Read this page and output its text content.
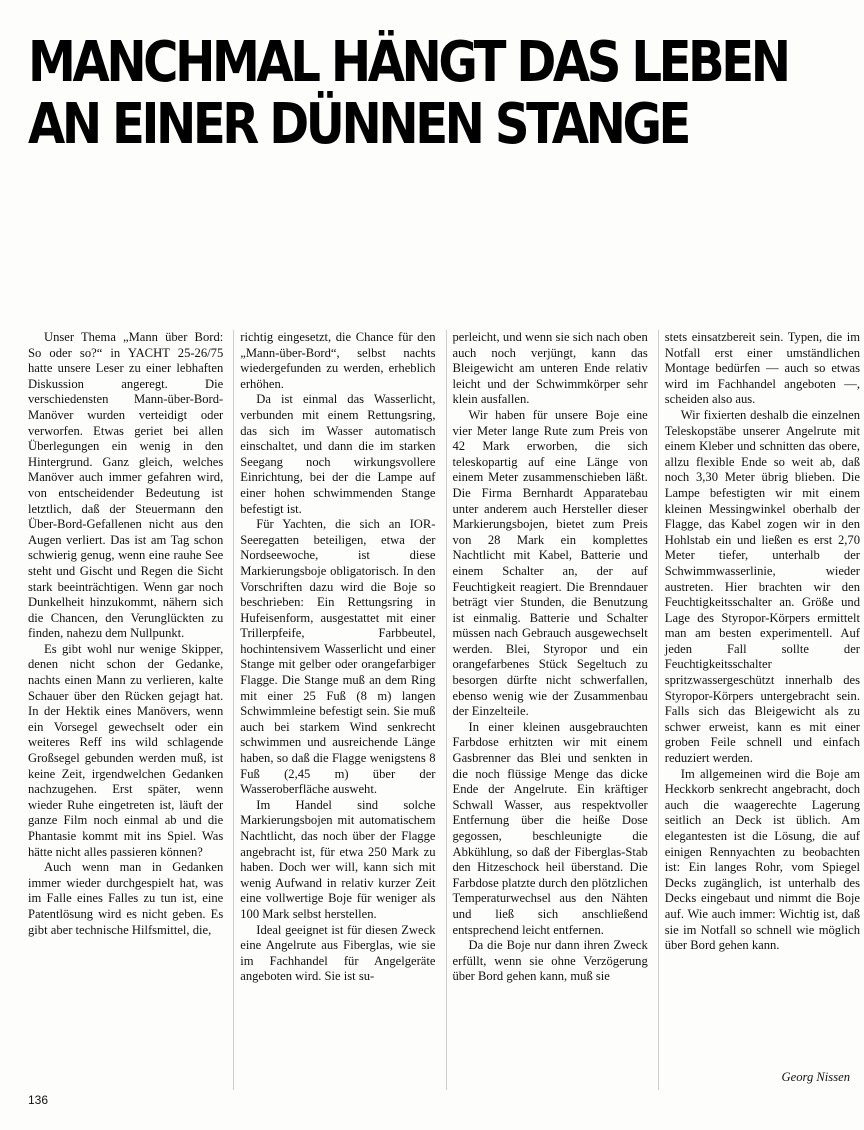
MANCHMAL HÄNGT DAS LEBEN
AN EINER DÜNNEN STANGE

Unser Thema „Mann über Bord: So oder so?“ in YACHT 25-26/75 hatte unsere Leser zu einer lebhaften Diskussion angeregt. Die verschiedensten Mann-über-Bord-Manöver wurden verteidigt oder verworfen. Etwas geriet bei allen Überlegungen ein wenig in den Hintergrund. Ganz gleich, welches Manöver auch immer gefahren wird, von entscheidender Bedeutung ist letztlich, daß der Steuermann den Über-Bord-Gefallenen nicht aus den Augen verliert. Das ist am Tag schon schwierig genug, wenn eine rauhe See steht und Gischt und Regen die Sicht stark beeinträchtigen. Wenn gar noch Dunkelheit hinzukommt, nähern sich die Chancen, den Verunglückten zu finden, nahezu dem Nullpunkt.

Es gibt wohl nur wenige Skipper, denen nicht schon der Gedanke, nachts einen Mann zu verlieren, kalte Schauer über den Rücken gejagt hat. In der Hektik eines Manövers, wenn ein Vorsegel gewechselt oder ein weiteres Reff ins wild schlagende Großsegel gebunden werden muß, ist keine Zeit, irgendwelchen Gedanken nachzugehen. Erst später, wenn wieder Ruhe eingetreten ist, läuft der ganze Film noch einmal ab und die Phantasie kommt mit ins Spiel. Was hätte nicht alles passieren können?

Auch wenn man in Gedanken immer wieder durchgespielt hat, was im Falle eines Falles zu tun ist, eine Patentlösung wird es nicht geben. Es gibt aber technische Hilfsmittel, die,

richtig eingesetzt, die Chance für den „Mann-über-Bord“, selbst nachts wiedergefunden zu werden, erheblich erhöhen.

Da ist einmal das Wasserlicht, verbunden mit einem Rettungsring, das sich im Wasser automatisch einschaltet, und dann die im starken Seegang noch wirkungsvollere Einrichtung, bei der die Lampe auf einer hohen schwimmenden Stange befestigt ist.

Für Yachten, die sich an IOR-Seeregatten beteiligen, etwa der Nordseewoche, ist diese Markierungsboje obligatorisch. In den Vorschriften dazu wird die Boje so beschrieben: Ein Rettungsring in Hufeisenform, ausgestattet mit einer Trillerpfeife, Farbbeutel, hochintensivem Wasserlicht und einer Stange mit gelber oder orangefarbiger Flagge. Die Stange muß an dem Ring mit einer 25 Fuß (8 m) langen Schwimmleine befestigt sein. Sie muß auch bei starkem Wind senkrecht schwimmen und ausreichende Länge haben, so daß die Flagge wenigstens 8 Fuß (2,45 m) über der Wasseroberfläche ausweht.

Im Handel sind solche Markierungsbojen mit automatischem Nachtlicht, das noch über der Flagge angebracht ist, für etwa 250 Mark zu haben. Doch wer will, kann sich mit wenig Aufwand in relativ kurzer Zeit eine vollwertige Boje für weniger als 100 Mark selbst herstellen.

Ideal geeignet ist für diesen Zweck eine Angelrute aus Fiberglas, wie sie im Fachhandel für Angelgeräte angeboten wird. Sie ist su-

perleicht, und wenn sie sich nach oben auch noch verjüngt, kann das Bleigewicht am unteren Ende relativ leicht und der Schwimmkörper sehr klein ausfallen.

Wir haben für unsere Boje eine vier Meter lange Rute zum Preis von 42 Mark erworben, die sich teleskopartig auf eine Länge von einem Meter zusammenschieben läßt. Die Firma Bernhardt Apparatebau unter anderem auch Hersteller dieser Markierungsbojen, bietet zum Preis von 28 Mark ein komplettes Nachtlicht mit Kabel, Batterie und einem Schalter an, der auf Feuchtigkeit reagiert. Die Brenndauer beträgt vier Stunden, die Benutzung ist einmalig. Batterie und Schalter müssen nach Gebrauch ausgewechselt werden. Blei, Styropor und ein orangefarbenes Stück Segeltuch zu besorgen dürfte nicht schwerfallen, ebenso wenig wie der Zusammenbau der Einzelteile.

In einer kleinen ausgebrauchten Farbdose erhitzten wir mit einem Gasbrenner das Blei und senkten in die noch flüssige Menge das dicke Ende der Angelrute. Ein kräftiger Schwall Wasser, aus respektvoller Entfernung über die heiße Dose gegossen, beschleunigte die Abkühlung, so daß der Fiberglas-Stab den Hitzeschock heil überstand. Die Farbdose platzte durch den plötzlichen Temperaturwechsel aus den Nähten und ließ sich anschließend entsprechend leicht entfernen.

Da die Boje nur dann ihren Zweck erfüllt, wenn sie ohne Verzögerung über Bord gehen kann, muß sie

stets einsatzbereit sein. Typen, die im Notfall erst einer umständlichen Montage bedürfen — auch so etwas wird im Fachhandel angeboten —, scheiden also aus.

Wir fixierten deshalb die einzelnen Teleskopstäbe unserer Angelrute mit einem Kleber und schnitten das obere, allzu flexible Ende so weit ab, daß noch 3,30 Meter übrig blieben. Die Lampe befestigten wir mit einem kleinen Messingwinkel oberhalb der Flagge, das Kabel zogen wir in den Hohlstab ein und ließen es erst 2,70 Meter tiefer, unterhalb der Schwimmwasserlinie, wieder austreten. Hier brachten wir den Feuchtigkeitsschalter an. Größe und Lage des Styropor-Körpers ermittelt man am besten experimentell. Auf jeden Fall sollte der Feuchtigkeitsschalter spritzwassergeschützt innerhalb des Styropor-Körpers untergebracht sein. Falls sich das Bleigewicht als zu schwer erweist, kann es mit einer groben Feile schnell und einfach reduziert werden.

Im allgemeinen wird die Boje am Heckkorb senkrecht angebracht, doch auch die waagerechte Lagerung seitlich an Deck ist üblich. Am elegantesten ist die Lösung, die auf einigen Rennyachten zu beobachten ist: Ein langes Rohr, vom Spiegel Decks zugänglich, ist unterhalb des Decks eingebaut und nimmt die Boje auf. Wie auch immer: Wichtig ist, daß sie im Notfall so schnell wie möglich über Bord gehen kann.

Georg Nissen
136
